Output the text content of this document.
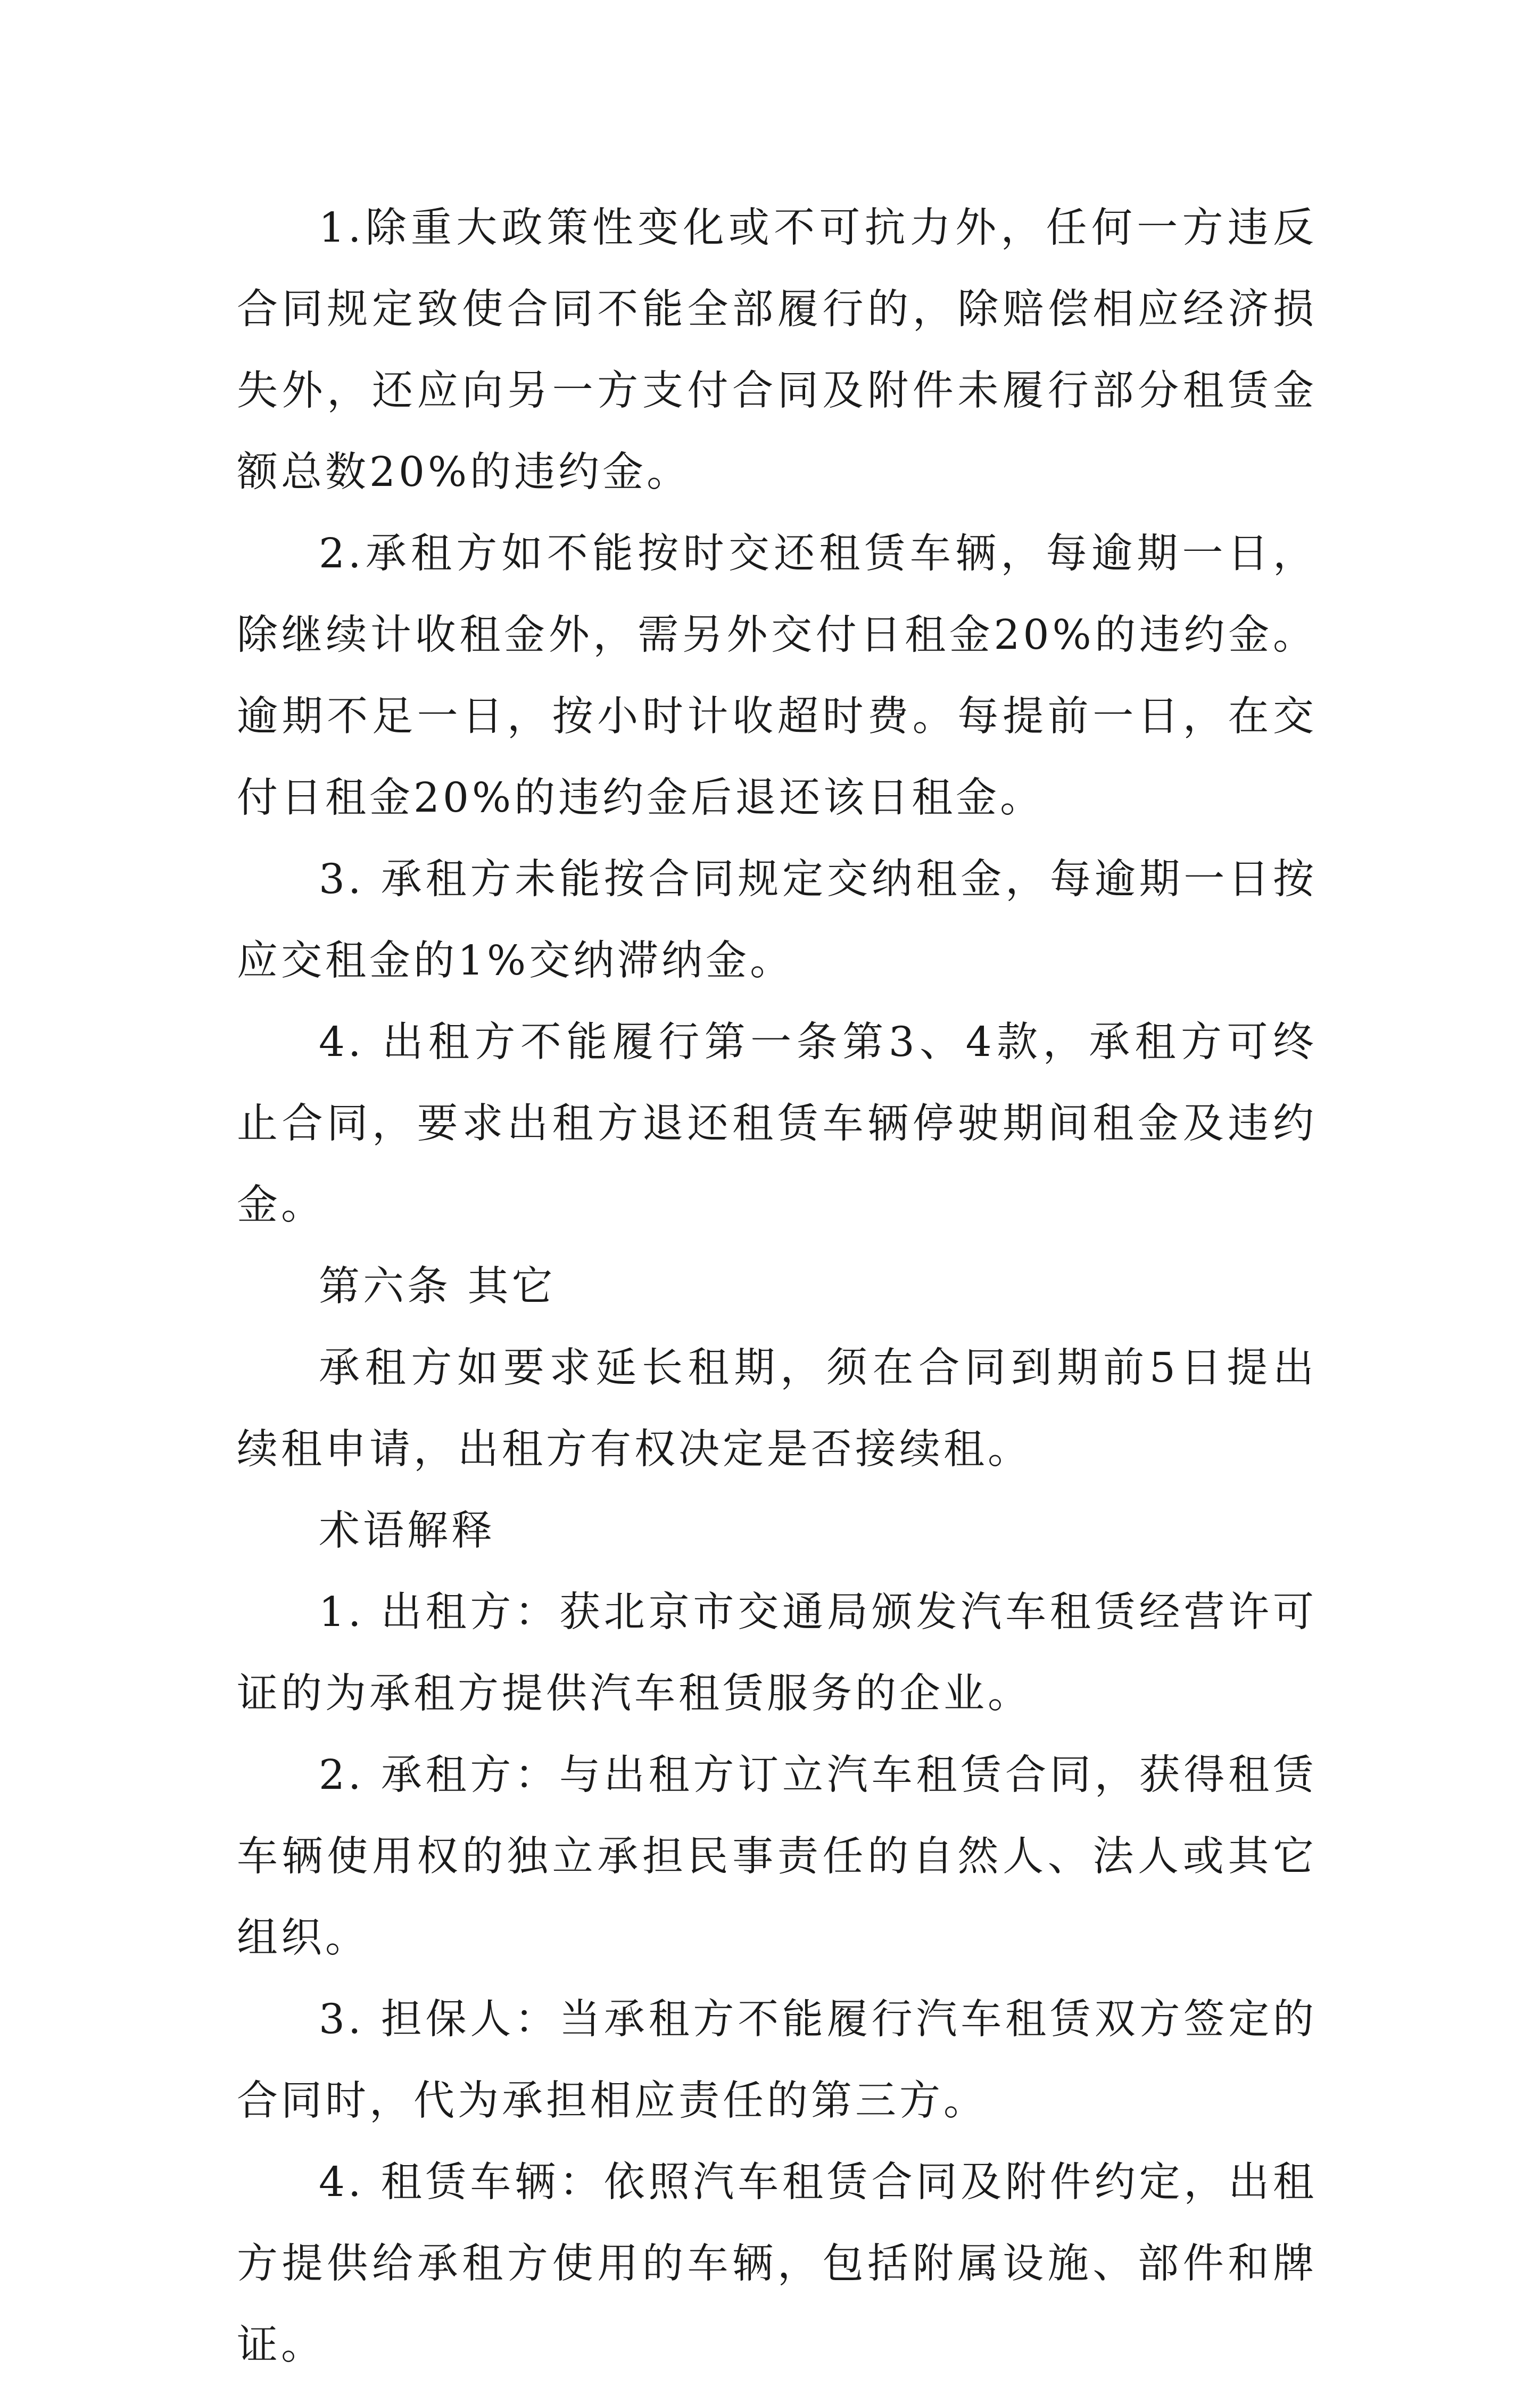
1.除重大政策性变化或不可抗力外，任何一方违反合同规定致使合同不能全部履行的，除赔偿相应经济损失外，还应向另一方支付合同及附件未履行部分租赁金额总数20%的违约金。

2.承租方如不能按时交还租赁车辆，每逾期一日，除继续计收租金外，需另外交付日租金20%的违约金。逾期不足一日，按小时计收超时费。每提前一日，在交付日租金20%的违约金后退还该日租金。

3. 承租方未能按合同规定交纳租金，每逾期一日按应交租金的1%交纳滞纳金。

4. 出租方不能履行第一条第3、4款，承租方可终止合同，要求出租方退还租赁车辆停驶期间租金及违约金。

第六条 其它

承租方如要求延长租期，须在合同到期前5日提出续租申请，出租方有权决定是否接续租。

术语解释

1. 出租方：获北京市交通局颁发汽车租赁经营许可证的为承租方提供汽车租赁服务的企业。

2. 承租方：与出租方订立汽车租赁合同，获得租赁车辆使用权的独立承担民事责任的自然人、法人或其它组织。

3. 担保人：当承租方不能履行汽车租赁双方签定的合同时，代为承担相应责任的第三方。

4. 租赁车辆：依照汽车租赁合同及附件约定，出租方提供给承租方使用的车辆，包括附属设施、部件和牌证。
